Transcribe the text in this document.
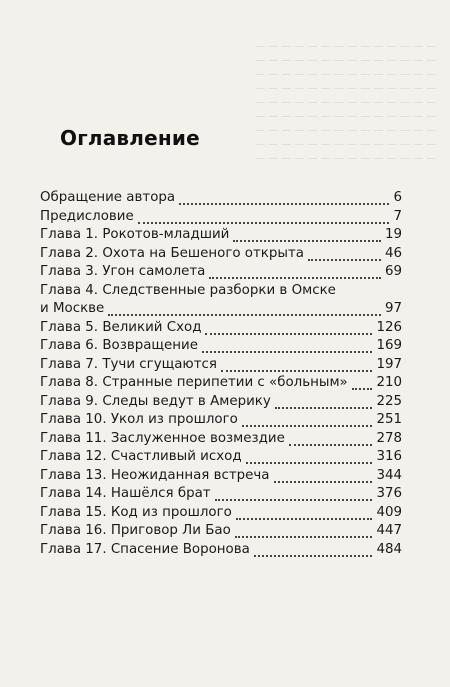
— — — — — — — — — — — — — —
— — — — — — — — — — — — — —
— — — — — — — — — — — — — —
— — — — — — — — — — — — — —
— — — — — — — — — — — — — —
— — — — — — — — — — — — — —
— — — — — — — — — — — — — —
— — — — — — — — — — — — — —
— — — — — — — — — — — — — —
Оглавление
Обращение автора	6
Предисловие	7
Глава 1. Рокотов-младший	19
Глава 2. Охота на Бешеного открыта	46
Глава 3. Угон самолета	69
Глава 4. Следственные разборки в Омске
и Москве	97
Глава 5. Великий Сход	126
Глава 6. Возвращение	169
Глава 7. Тучи сгущаются	197
Глава 8. Странные перипетии с «больным» 210
Глава 9. Следы ведут в Америку	225
Глава 10. Укол из прошлого	251
Глава 11. Заслуженное возмездие	278
Глава 12. Счастливый исход	316
Глава 13. Неожиданная встреча	344
Глава 14. Нашёлся брат	376
Глава 15. Код из прошлого	409
Глава 16. Приговор Ли Бао	447
Глава 17. Спасение Воронова	484
